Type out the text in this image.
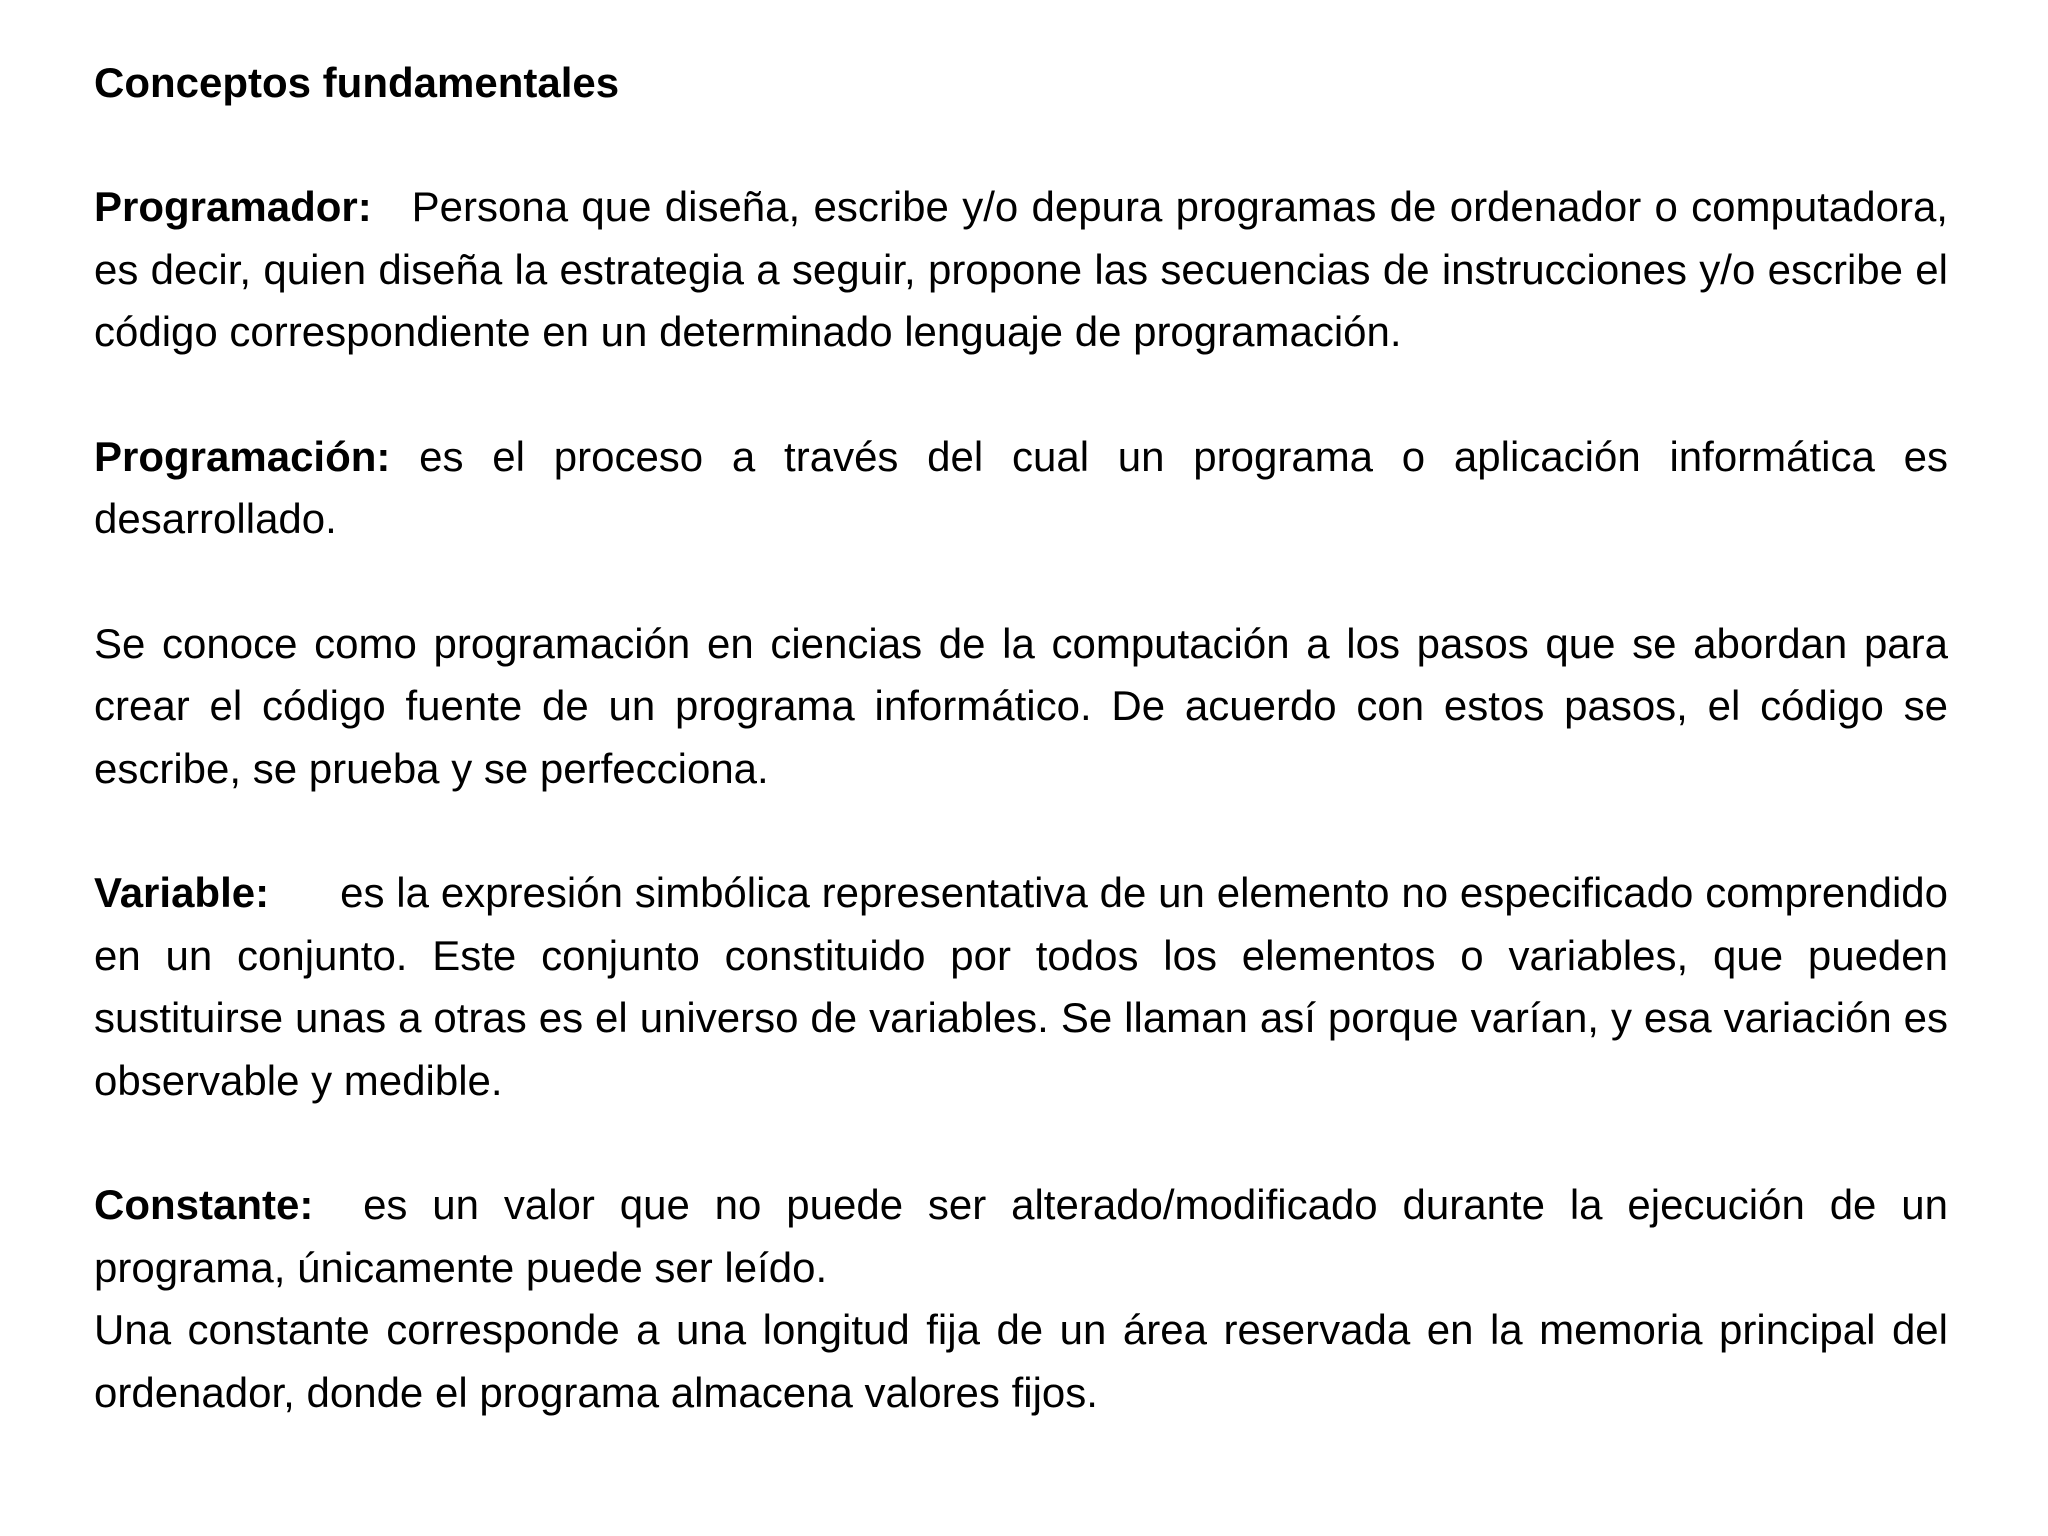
Conceptos fundamentales

Programador: Persona que diseña, escribe y/o depura programas de ordenador o computadora, es decir, quien diseña la estrategia a seguir, propone las secuencias de instrucciones y/o escribe el código correspondiente en un determinado lenguaje de programación.

Programación: es el proceso a través del cual un programa o aplicación informática es desarrollado.

Se conoce como programación en ciencias de la computación a los pasos que se abordan para crear el código fuente de un programa informático. De acuerdo con estos pasos, el código se escribe, se prueba y se perfecciona.

Variable: es la expresión simbólica representativa de un elemento no especificado comprendido en un conjunto. Este conjunto constituido por todos los elementos o variables, que pueden sustituirse unas a otras es el universo de variables. Se llaman así porque varían, y esa variación es observable y medible.

Constante: es un valor que no puede ser alterado/modificado durante la ejecución de un programa, únicamente puede ser leído.

Una constante corresponde a una longitud fija de un área reservada en la memoria principal del ordenador, donde el programa almacena valores fijos.
